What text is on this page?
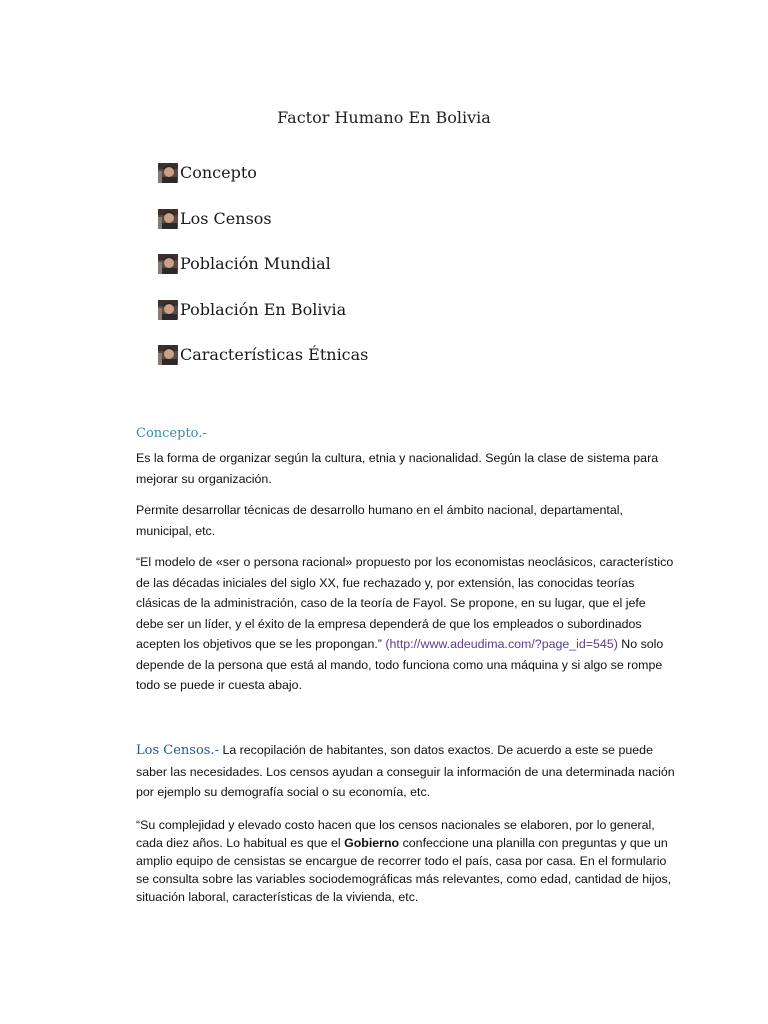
Factor Humano En Bolivia
Concepto
Los Censos
Población Mundial
Población En Bolivia
Características Étnicas
Concepto.-

Es la forma de organizar según la cultura, etnia y nacionalidad. Según la clase de sistema para mejorar su organización.

Permite desarrollar técnicas de desarrollo humano en el ámbito nacional, departamental, municipal, etc.

“El modelo de «ser o persona racional» propuesto por los economistas neoclásicos, característico de las décadas iniciales del siglo XX, fue rechazado y, por extensión, las conocidas teorías clásicas de la administración, caso de la teoría de Fayol. Se propone, en su lugar, que el jefe debe ser un líder, y el éxito de la empresa dependerá de que los empleados o subordinados acepten los objetivos que se les propongan.” (http://www.adeudima.com/?page_id=545) No solo depende de la persona que está al mando, todo funciona como una máquina y si algo se rompe todo se puede ir cuesta abajo.

Los Censos.- La recopilación de habitantes, son datos exactos. De acuerdo a este se puede saber las necesidades. Los censos ayudan a conseguir la información de una determinada nación por ejemplo su demografía social o su economía, etc.

“Su complejidad y elevado costo hacen que los censos nacionales se elaboren, por lo general, cada diez años. Lo habitual es que el Gobierno confeccione una planilla con preguntas y que un amplio equipo de censistas se encargue de recorrer todo el país, casa por casa. En el formulario se consulta sobre las variables sociodemográficas más relevantes, como edad, cantidad de hijos, situación laboral, características de la vivienda, etc.
